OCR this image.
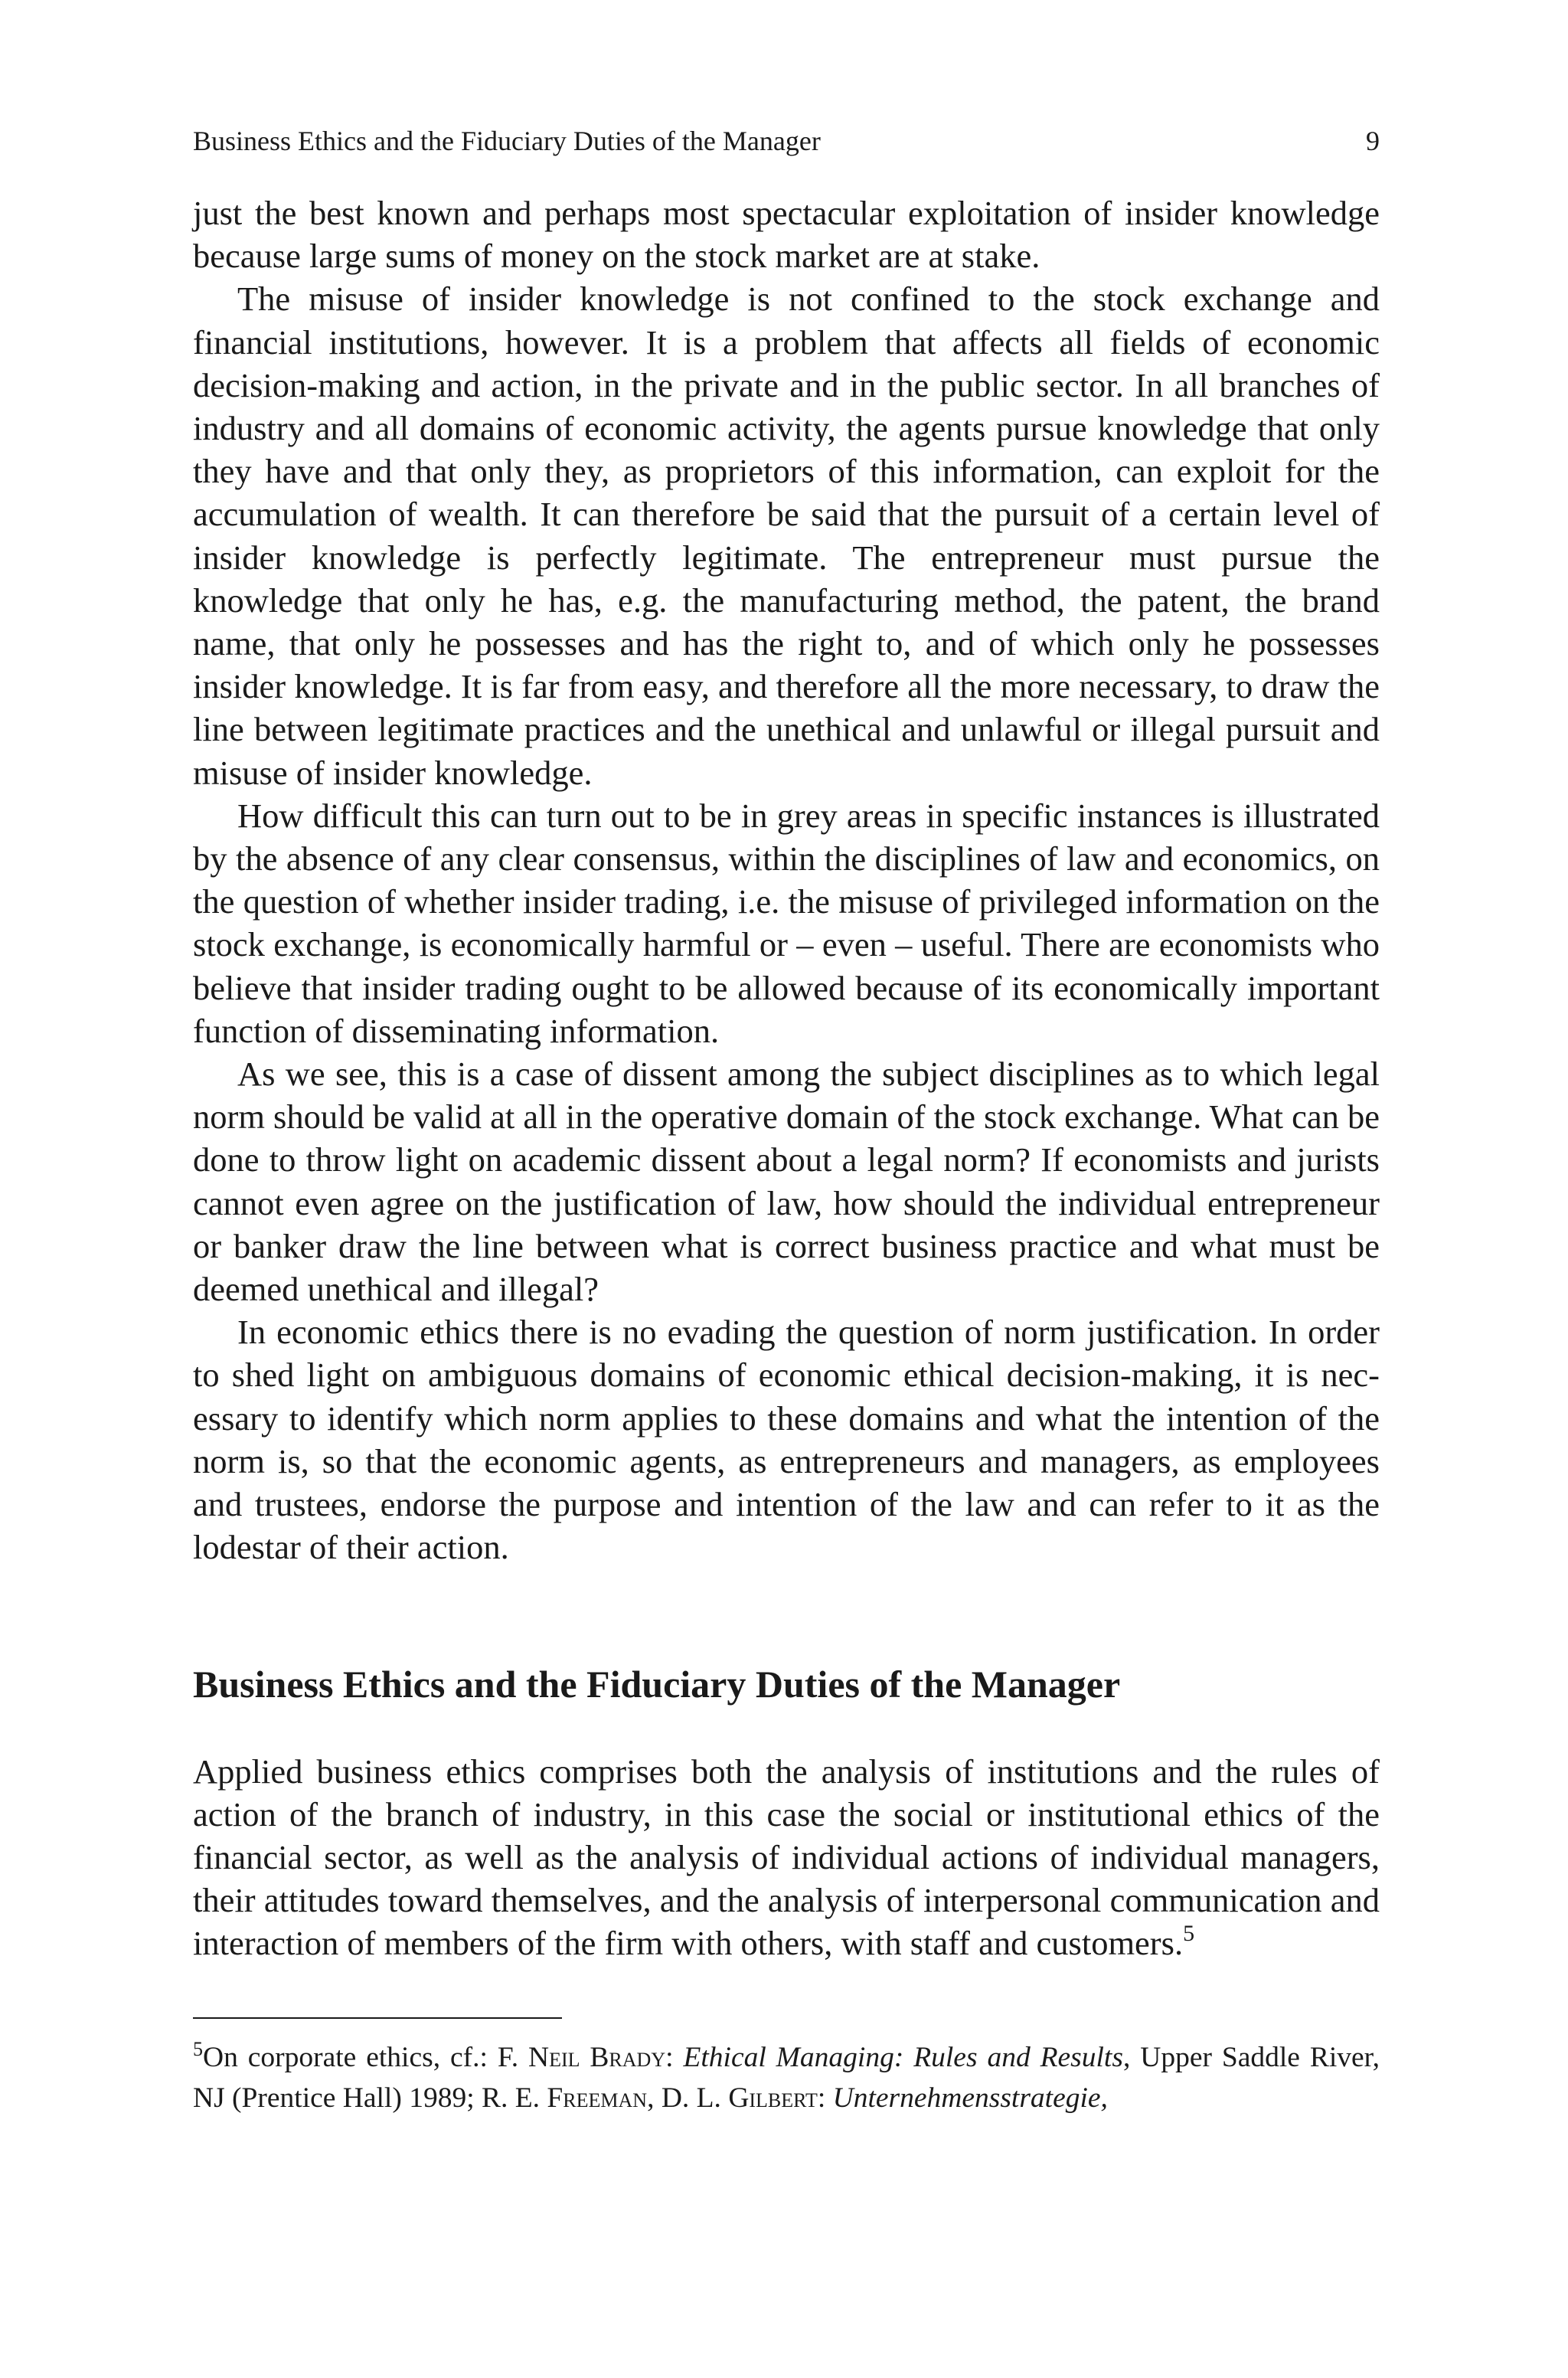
Business Ethics and the Fiduciary Duties of the Manager	9

just the best known and perhaps most spectacular exploitation of insider knowledge because large sums of money on the stock market are at stake.

The misuse of insider knowledge is not confined to the stock exchange and financial institutions, however. It is a problem that affects all fields of economic decision-making and action, in the private and in the public sector. In all branches of industry and all domains of economic activity, the agents pursue knowledge that only they have and that only they, as proprietors of this information, can exploit for the accumulation of wealth. It can therefore be said that the pursuit of a certain level of insider knowledge is perfectly legitimate. The entrepreneur must pursue the knowledge that only he has, e.g. the manufacturing method, the patent, the brand name, that only he possesses and has the right to, and of which only he possesses insider knowledge. It is far from easy, and therefore all the more necessary, to draw the line between legitimate practices and the unethical and unlawful or illegal pursuit and misuse of insider knowledge.

How difficult this can turn out to be in grey areas in specific instances is illustrated by the absence of any clear consensus, within the disciplines of law and economics, on the question of whether insider trading, i.e. the misuse of privileged information on the stock exchange, is economically harmful or – even – useful. There are economists who believe that insider trading ought to be allowed because of its economically important function of disseminating information.

As we see, this is a case of dissent among the subject disciplines as to which legal norm should be valid at all in the operative domain of the stock exchange. What can be done to throw light on academic dissent about a legal norm? If economists and jurists cannot even agree on the justification of law, how should the individual entrepreneur or banker draw the line between what is correct business practice and what must be deemed unethical and illegal?

In economic ethics there is no evading the question of norm justification. In order to shed light on ambiguous domains of economic ethical decision-making, it is necessary to identify which norm applies to these domains and what the intention of the norm is, so that the economic agents, as entrepreneurs and managers, as employees and trustees, endorse the purpose and intention of the law and can refer to it as the lodestar of their action.

Business Ethics and the Fiduciary Duties of the Manager

Applied business ethics comprises both the analysis of institutions and the rules of action of the branch of industry, in this case the social or institutional ethics of the financial sector, as well as the analysis of individual actions of individual managers, their attitudes toward themselves, and the analysis of interpersonal communication and interaction of members of the firm with others, with staff and customers.$^5$

$^5$On corporate ethics, cf.: F. Neil Brady: Ethical Managing: Rules and Results, Upper Saddle River, NJ (Prentice Hall) 1989; R. E. Freeman, D. L. Gilbert: Unternehmensstrategie,
